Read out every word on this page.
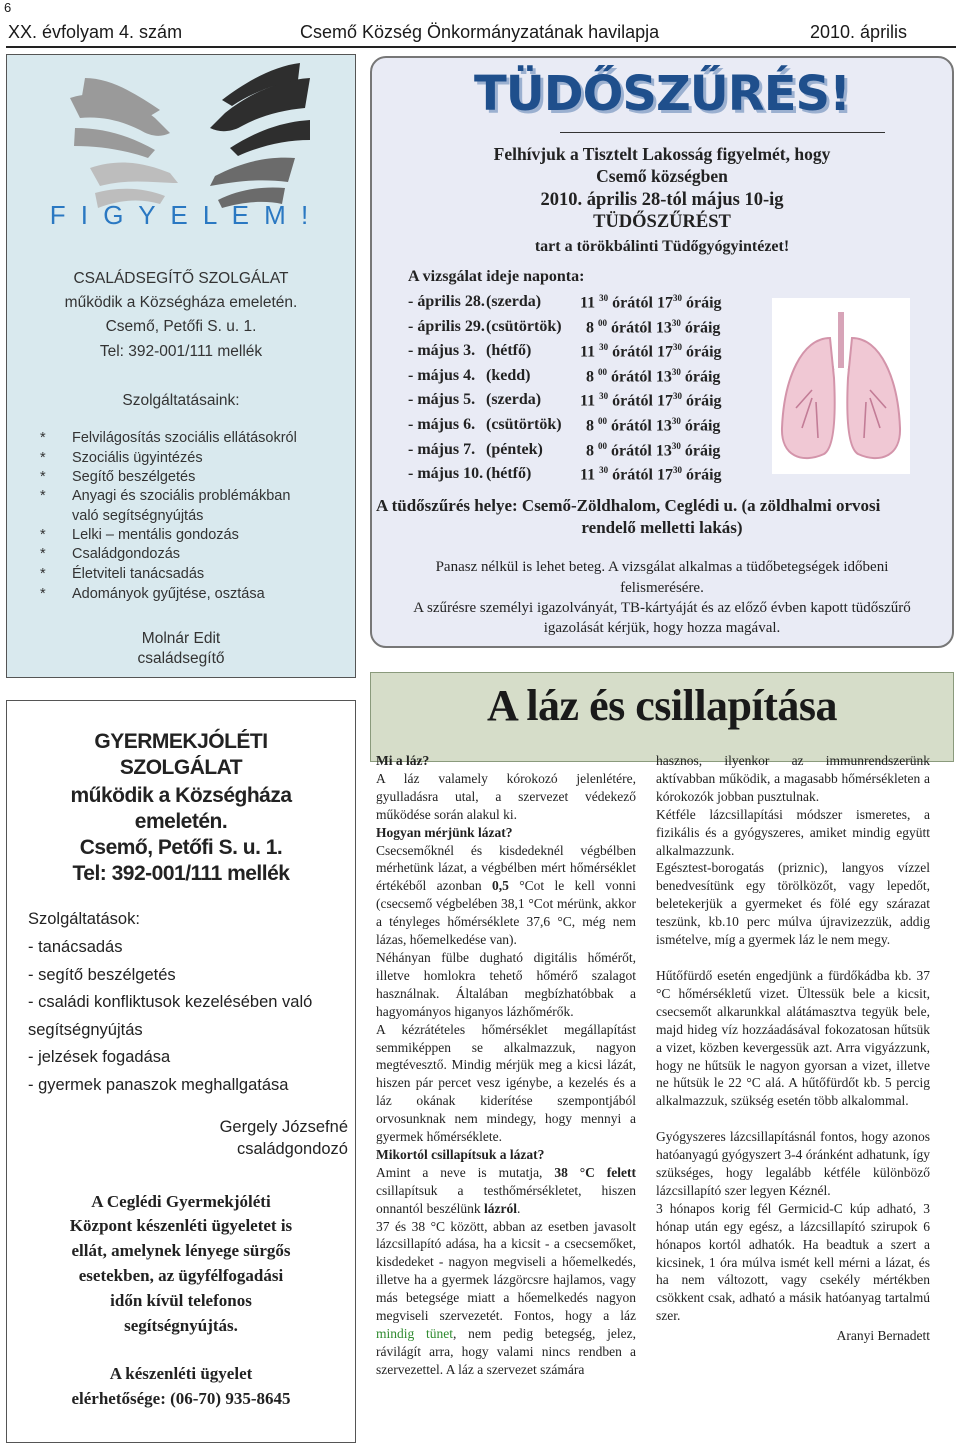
6
XX. évfolyam 4. szám	Csemő Község Önkormányzatának havilapja	2010. április
F I G Y E L E M !
CSALÁDSEGÍTŐ SZOLGÁLAT
működik a Községháza emeletén.
Csemő, Petőfi S. u. 1.
Tel: 392-001/111 mellék
Szolgáltatásaink:
* Felvilágosítás szociális ellátásokról
* Szociális ügyintézés
* Segítő beszélgetés
* Anyagi és szociális problémákban
való segítségnyújtás
* Lelki – mentális gondozás
* Családgondozás
* Életviteli tanácsadás
* Adományok gyűjtése, osztása
Molnár Edit
családsegítő
GYERMEKJÓLÉTI
SZOLGÁLAT
működik a Községháza
emeletén.
Csemő, Petőfi S. u. 1.
Tel: 392-001/111 mellék
Szolgáltatások:
- tanácsadás
- segítő beszélgetés
- családi konfliktusok kezelésében való
segítségnyújtás
- jelzések fogadása
- gyermek panaszok meghallgatása
Gergely Józsefné
családgondozó
A Ceglédi Gyermekjóléti
Központ készenléti ügyeletet is
ellát, amelynek lényege sürgős
esetekben, az ügyfélfogadási
időn kívül telefonos
segítségnyújtás.
A készenléti ügyelet
elérhetősége: (06-70) 935-8645
TÜDŐSZŰRÉS!
Felhívjuk a Tisztelt Lakosság figyelmét, hogy
Csemő községben
2010. április 28-tól május 10-ig
TÜDŐSZŰRÉST
tart a törökbálinti Tüdőgyógyintézet!
A vizsgálat ideje naponta:
- április 28. (szerda) 11 $^{30}$ órától $17^{30}$ óráig
- április 29. (csütörtök) 8 $^{00}$ órától $13^{30}$ óráig
- május 3. (hétfő)	11 $^{30}$ órától $17^{30}$ óráig
- május 4. (kedd)	8 $^{00}$ órától $13^{30}$ óráig
- május 5. (szerda) 11 $^{30}$ órától $17^{30}$ óráig
- május 6. (csütörtök) 8 $^{00}$ órától $13^{30}$ óráig
- május 7. (péntek)	8 $^{00}$ órától $13^{30}$ óráig
- május 10. (hétfő)	11 $^{30}$ órától $17^{30}$ óráig
A tüdőszűrés helye: Csemő-Zöldhalom, Ceglédi u. (a zöldhalmi orvosi
rendelő melletti lakás)
Panasz nélkül is lehet beteg. A vizsgálat alkalmas a tüdőbetegségek időbeni
felismerésére.
A szűrésre személyi igazolványát, TB-kártyáját és az előző évben kapott tüdőszűrő
igazolását kérjük, hogy hozza magával.
A láz és csillapítása

Mi a láz?

A láz valamely kórokozó jelenlétére, gyulladásra utal, a szervezet védekező működése során alakul ki.

Hogyan mérjünk lázat?

Csecsemőknél és kisdedeknél végbélben mérhetünk lázat, a végbélben mért hőmérséklet értékéből azonban 0,5 °Cot le kell vonni (csecsemő végbelében 38,1 °Cot mérünk, akkor a tényleges hőmérséklete 37,6 °C, még nem lázas, hőemelkedése van).

Néhányan fülbe dugható digitális hőmérőt, illetve homlokra tehető hőmérő szalagot használnak. Általában megbízhatóbbak a hagyományos higanyos lázhőmérők.

A kézrátételes hőmérséklet megállapítást semmiképpen se alkalmazzuk, nagyon megtévesztő. Mindig mérjük meg a kicsi lázát, hiszen pár percet vesz igénybe, a kezelés és a láz okának kiderítése szempontjából orvosunknak nem mindegy, hogy mennyi a gyermek hőmérséklete.

Mikortól csillapítsuk a lázat?

Amint a neve is mutatja, 38 °C felett csillapítsuk a testhőmérsékletet, hiszen onnantól beszélünk lázról.

37 és 38 °C között, abban az esetben javasolt lázcsillapító adása, ha a kicsit - a csecsemőket, kisdedeket - nagyon megviseli a hőemelkedés, illetve ha a gyermek lázgörcsre hajlamos, vagy más betegsége miatt a hőemelkedés nagyon megviseli szervezetét. Fontos, hogy a láz mindig tünet, nem pedig betegség, jelez, rávilágít arra, hogy valami nincs rendben a szervezettel. A láz a szervezet számára

hasznos, ilyenkor az immunrendszerünk aktívabban működik, a magasabb hőmérsékleten a kórokozók jobban pusztulnak.

Kétféle lázcsillapítási módszer ismeretes, a fizikális és a gyógyszeres, amiket mindig együtt alkalmazzunk.

Egésztest-borogatás (priznic), langyos vízzel benedvesítünk egy törölközőt, vagy lepedőt, beletekerjük a gyermeket és fölé egy szárazat teszünk, kb.10 perc múlva újravizezzük, addig ismételve, míg a gyermek láz le nem megy.

Hűtőfürdő esetén engedjünk a fürdőkádba kb. 37 °C hőmérsékletű vizet. Ültessük bele a kicsit, csecsemőt alkarunkkal alátámasztva tegyük bele, majd hideg víz hozzáadásával fokozatosan hűtsük a vizet, közben kevergessük azt. Arra vigyázzunk, hogy ne hűtsük le nagyon gyorsan a vizet, illetve ne hűtsük le 22 °C alá. A hűtőfürdőt kb. 5 percig alkalmazzuk, szükség esetén több alkalommal.

Gyógyszeres lázcsillapításnál fontos, hogy azonos hatóanyagú gyógyszert 3-4 óránként adhatunk, így szükséges, hogy legalább kétféle különböző lázcsillapító szer legyen Kéznél.

3 hónapos korig fél Germicid-C kúp adható, 3 hónap után egy egész, a lázcsillapító szirupok 6 hónapos kortól adhatók. Ha beadtuk a szert a kicsinek, 1 óra múlva ismét kell mérni a lázat, és ha nem változott, vagy csekély mértékben csökkent csak, adható a másik hatóanyag tartalmú szer.

Aranyi Bernadett
